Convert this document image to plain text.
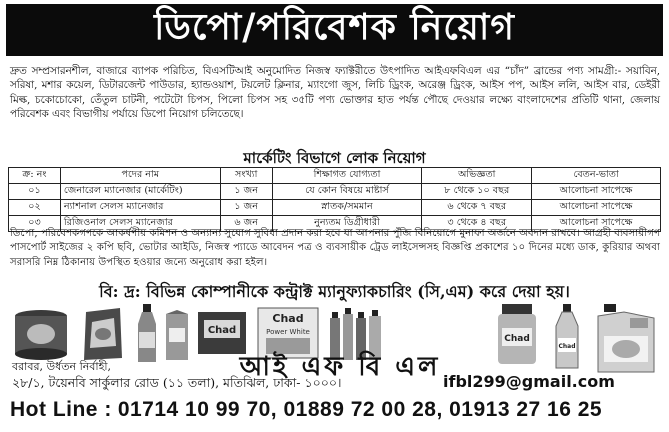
ডিপো/পরিবেশক নিয়োগ

দ্রুত সম্প্রসারনশীল, বাজারে ব্যাপক পরিচিত, বিএসটিআই অনুমোদিত নিজস্ব ফ্যাক্টরীতে উৎপাদিত আইএফবিএল এর “চাঁদ” ব্রান্ডের পণ্য সামগ্রী:- সয়াবিন, সরিষা, মশার কয়েল, ডিটারজেন্ট পাউডার, হ্যান্ডওয়াশ, টয়লেট ক্লিনার, ম্যাংগো জুস, লিচি ড্রিংক, অরেঞ্জ ড্রিংক, আইস পপ, আইস ললি, আইস বার, ডেইরী মিল্ক, চকোচোকো, তেঁতুল চাটনী, পটেটো চিপস, পিলো চিপস সহ ৩৫টি পণ্য ভোক্তার হাত পর্যন্ত পৌছে দেওয়ার লক্ষ্যে বাংলাদেশের প্রতিটি থানা, জেলায় পরিবেশক এবং বিভাগীয় পর্যায়ে ডিপো নিয়োগ চলিতেছে।

মার্কেটিং বিভাগে লোক নিয়োগ
ক্র: নং	পদের নাম	সংখ্যা	শিক্ষাগত যোগ্যতা	অভিজ্ঞতা	বেতন-ভাতা
০১	জেনারেল ম্যানেজার (মার্কেটিং)	১ জন	যে কোন বিষয়ে মাষ্টার্স	৮ থেকে ১০ বছর	আলোচনা সাপেক্ষে
০২	ন্যাশনাল সেলস ম্যানেজার	১ জন	স্নাতক/সমমান	৬ থেকে ৭ বছর	আলোচনা সাপেক্ষে
০৩	রিজিওনাল সেলস ম্যানেজার	৬ জন	নুন্যতম ডিগ্রীধারী	৩ থেকে ৪ বছর	আলোচনা সাপেক্ষে

ডিপো, পরিবেশকগণকে আকর্ষণীয় কমিশন ও অন্যান্য সুযোগ সুবিধা প্রদান করা হবে যা আপনার পুঁজি বিনিয়োগে মুনাফা অর্জনে অবদান রাখবে। আগ্রহী ব্যবসায়ীগণ পাসপোর্ট সাইজের ২ কপি ছবি, ভোটার আইডি, নিজস্ব প্যাডে আবেদন পত্র ও ব্যবসায়ীক ট্রেড লাইসেন্সসহ বিজ্ঞপ্তি প্রকাশের ১০ দিনের মধ্যে ডাক, কুরিয়ার অথবা সরাসরি নিম্ন ঠিকানায় উপস্থিত হওয়ার জন্যে অনুরোধ করা হইল।

বি: দ্র: বিভিন্ন কোম্পানীকে কন্ট্রাক্ট ম্যানুফ্যাকচারিং (সি,এম) করে দেয়া হয়।
Chad
Chad
Power White
Chad
Chad
আই এফ বি এল
বরাবর, উর্ধতন নির্বাহী,
২৮/১, টয়েনবি সার্কুলার রোড (১১ তলা), মতিঝিল, ঢাকা- ১০০০।	ifbl299@gmail.com
Hot Line : 01714 10 99 70, 01889 72 00 28, 01913 27 16 25
